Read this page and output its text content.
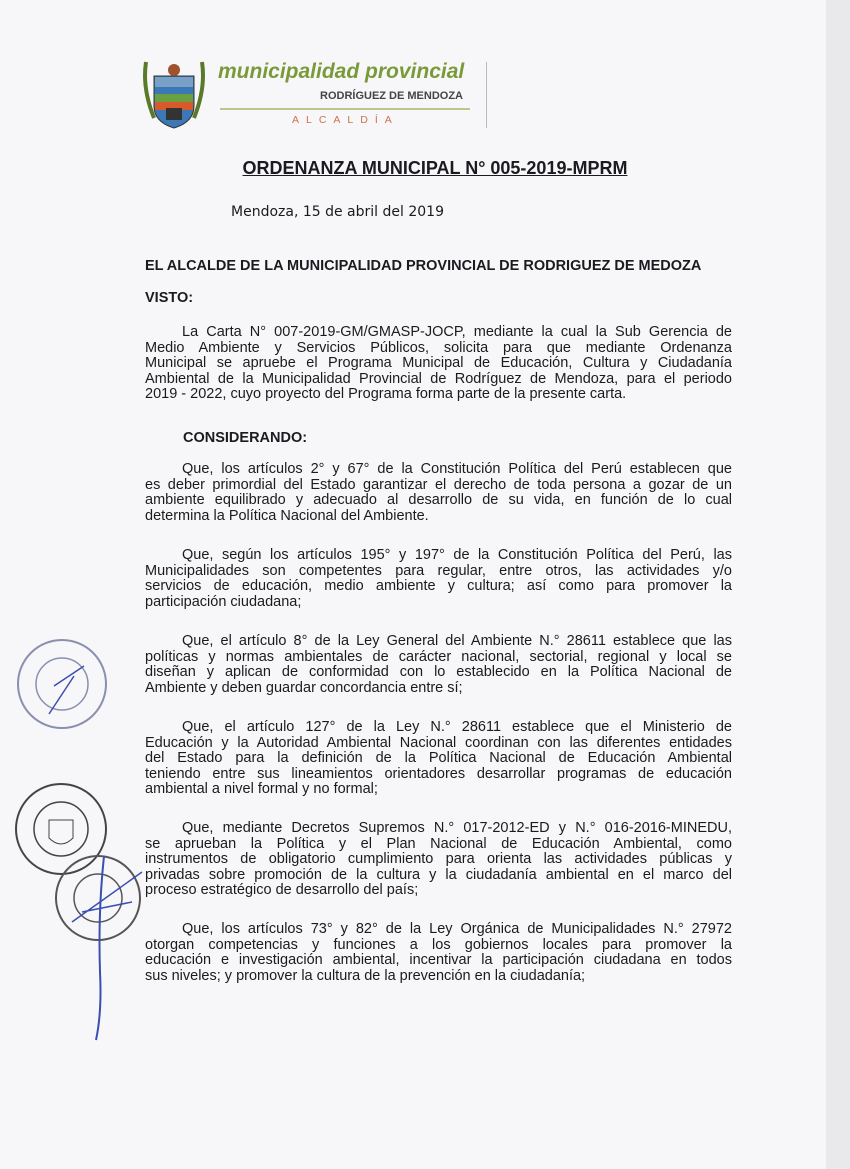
municipalidad provincial
RODRÍGUEZ DE MENDOZA
ALCALDÍA
ORDENANZA MUNICIPAL N° 005-2019-MPRM
Mendoza, 15 de abril del 2019
EL ALCALDE DE LA MUNICIPALIDAD PROVINCIAL DE RODRIGUEZ DE MEDOZA
VISTO:
CONSIDERANDO:
La Carta N° 007-2019-GM/GMASP-JOCP, mediante la cual la Sub Gerencia de
Medio Ambiente y Servicios Públicos, solicita para que mediante Ordenanza
Municipal se apruebe el Programa Municipal de Educación, Cultura y Ciudadanía
Ambiental de la Municipalidad Provincial de Rodríguez de Mendoza, para el periodo
2019 - 2022, cuyo proyecto del Programa forma parte de la presente carta.
Que, los artículos 2° y 67° de la Constitución Política del Perú establecen que
es deber primordial del Estado garantizar el derecho de toda persona a gozar de un
ambiente equilibrado y adecuado al desarrollo de su vida, en función de lo cual
determina la Política Nacional del Ambiente.
Que, según los artículos 195° y 197° de la Constitución Política del Perú, las
Municipalidades son competentes para regular, entre otros, las actividades y/o
servicios de educación, medio ambiente y cultura; así como para promover la
participación ciudadana;
Que, el artículo 8° de la Ley General del Ambiente N.° 28611 establece que las
políticas y normas ambientales de carácter nacional, sectorial, regional y local se
diseñan y aplican de conformidad con lo establecido en la Política Nacional de
Ambiente y deben guardar concordancia entre sí;
Que, el artículo 127° de la Ley N.° 28611 establece que el Ministerio de
Educación y la Autoridad Ambiental Nacional coordinan con las diferentes entidades
del Estado para la definición de la Política Nacional de Educación Ambiental
teniendo entre sus lineamientos orientadores desarrollar programas de educación
ambiental a nivel formal y no formal;
Que, mediante Decretos Supremos N.° 017-2012-ED y N.° 016-2016-MINEDU,
se aprueban la Política y el Plan Nacional de Educación Ambiental, como
instrumentos de obligatorio cumplimiento para orienta las actividades públicas y
privadas sobre promoción de la cultura y la ciudadanía ambiental en el marco del
proceso estratégico de desarrollo del país;
Que, los artículos 73° y 82° de la Ley Orgánica de Municipalidades N.° 27972
otorgan competencias y funciones a los gobiernos locales para promover la
educación e investigación ambiental, incentivar la participación ciudadana en todos
sus niveles; y promover la cultura de la prevención en la ciudadanía;
